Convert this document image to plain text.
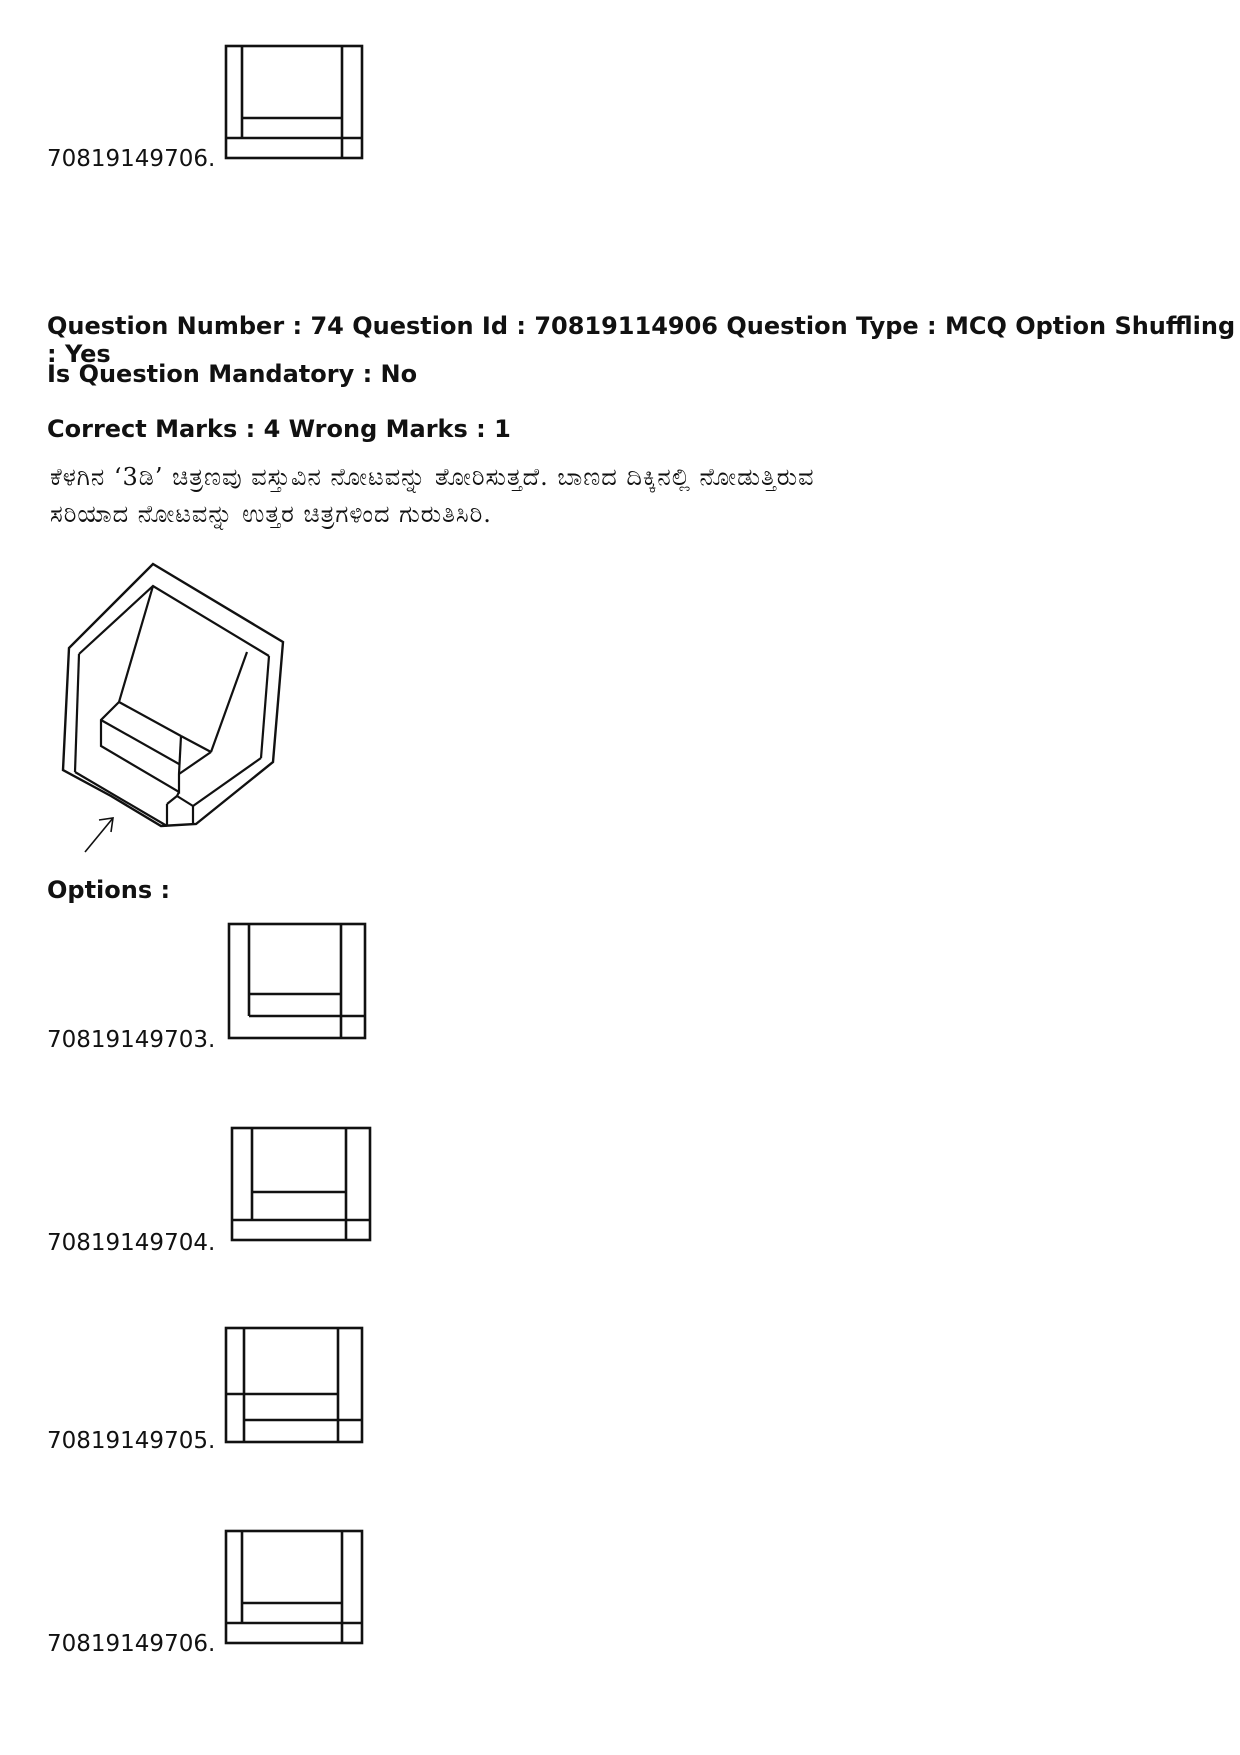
70819149706.
Question Number : 74 Question Id : 70819114906 Question Type : MCQ Option Shuffling : Yes
Is Question Mandatory : No
Correct Marks : 4 Wrong Marks : 1
ಕೆಳಗಿನ ‘3ಡಿ’ ಚಿತ್ರಣವು ವಸ್ತುವಿನ ನೋಟವನ್ನು ತೋರಿಸುತ್ತದೆ. ಬಾಣದ ದಿಕ್ಕಿನಲ್ಲಿ ನೋಡುತ್ತಿರುವ
ಸರಿಯಾದ ನೋಟವನ್ನು ಉತ್ತರ ಚಿತ್ರಗಳಿಂದ ಗುರುತಿಸಿರಿ.
Options :
70819149703.
70819149704.
70819149705.
70819149706.
